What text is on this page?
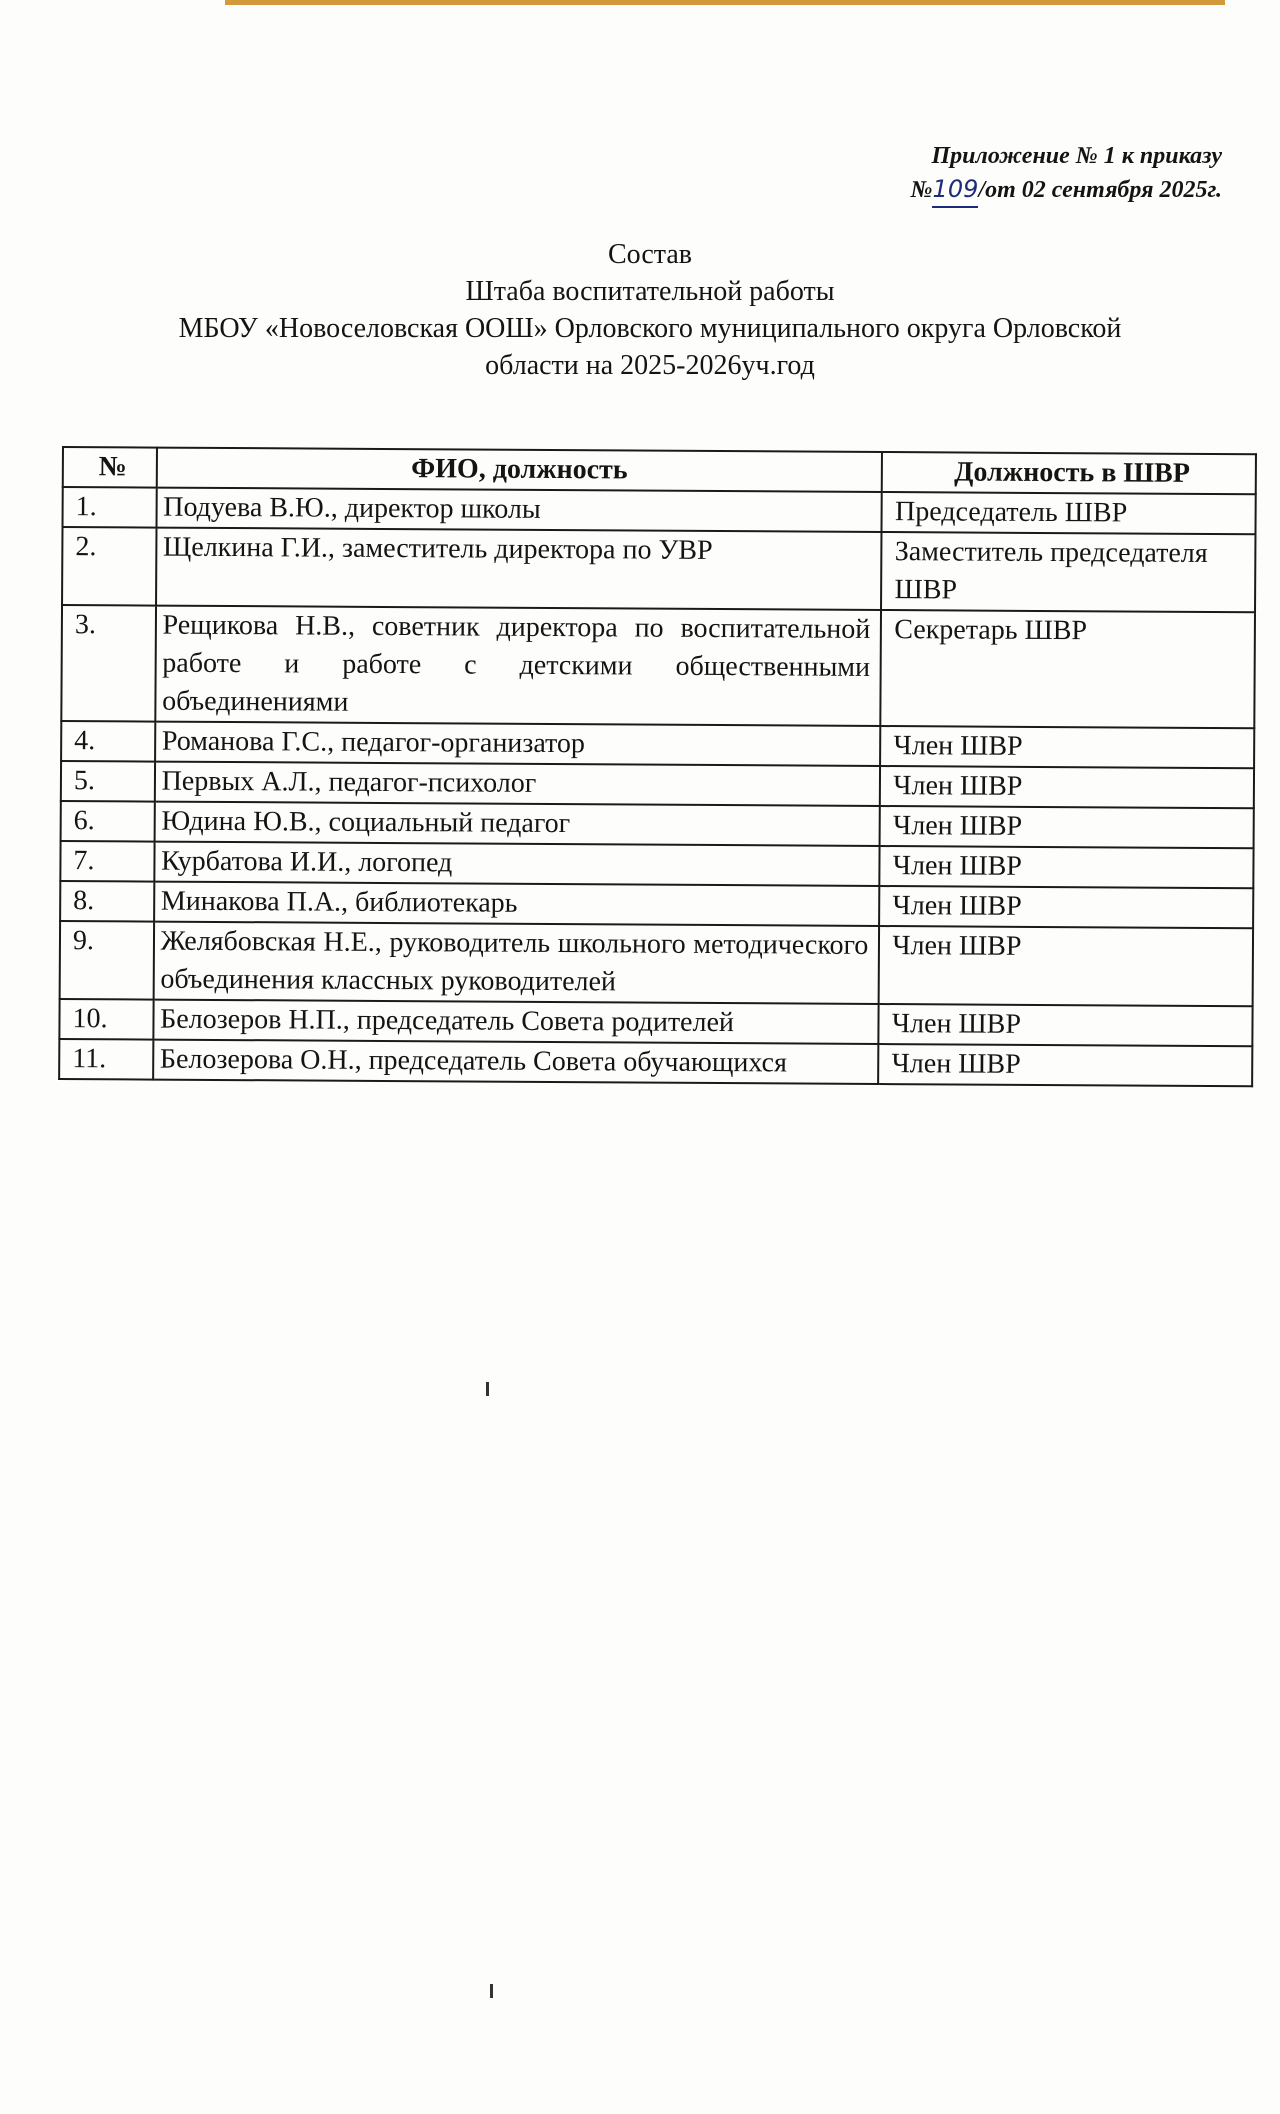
Приложение № 1 к приказу
№109/от 02 сентября 2025г.
Состав
Штаба воспитательной работы
МБОУ «Новоселовская ООШ» Орловского муниципального округа Орловской
области на 2025-2026уч.год
№	ФИО, должность	Должность в ШВР
1.	Подуева В.Ю., директор школы	Председатель ШВР
2.	Щелкина Г.И., заместитель директора по УВР	Заместитель председателя ШВР
3.	Рещикова Н.В., советник директора по воспитательной работе и работе с детскими общественными объединениями	Секретарь ШВР
4.	Романова Г.С., педагог-организатор	Член ШВР
5.	Первых А.Л., педагог-психолог	Член ШВР
6.	Юдина Ю.В., социальный педагог	Член ШВР
7.	Курбатова И.И., логопед	Член ШВР
8.	Минакова П.А., библиотекарь	Член ШВР
9.	Желябовская Н.Е., руководитель школьного методического объединения классных руководителей	Член ШВР
10.	Белозеров Н.П., председатель Совета родителей	Член ШВР
11.	Белозерова О.Н., председатель Совета обучающихся	Член ШВР
